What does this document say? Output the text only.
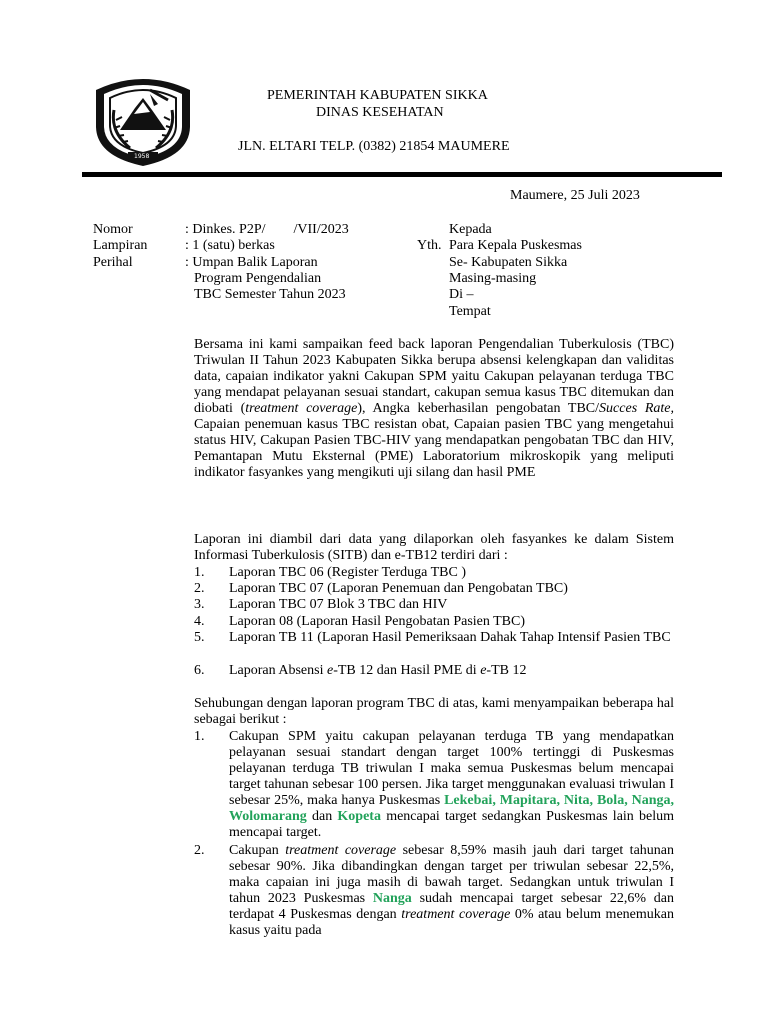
1958
PEMERINTAH KABUPATEN SIKKA
DINAS KESEHATAN
JLN. ELTARI TELP. (0382) 21854 MAUMERE
Maumere, 25 Juli 2023
Nomor	: Dinkes. P2P/        /VII/2023
Lampiran	: 1 (satu) berkas
Perihal	: Umpan Balik Laporan
Program Pengendalian
TBC Semester Tahun 2023
Kepada
Yth. Para Kepala Puskesmas
Se- Kabupaten Sikka
Masing-masing
Di –
Tempat
Bersama ini kami sampaikan feed back laporan Pengendalian Tuberkulosis (TBC) Triwulan II Tahun 2023 Kabupaten Sikka berupa absensi kelengkapan dan validitas data, capaian indikator yakni Cakupan SPM yaitu Cakupan pelayanan terduga TBC yang mendapat pelayanan sesuai standart, cakupan semua kasus TBC ditemukan dan diobati (treatment coverage), Angka keberhasilan pengobatan TBC/Succes Rate, Capaian penemuan kasus TBC resistan obat, Capaian pasien TBC yang mengetahui status HIV, Cakupan Pasien TBC-HIV yang mendapatkan pengobatan TBC dan HIV, Pemantapan Mutu Eksternal (PME) Laboratorium mikroskopik yang meliputi indikator fasyankes yang mengikuti uji silang dan hasil PME
Laporan ini diambil dari data yang dilaporkan oleh fasyankes ke dalam Sistem Informasi Tuberkulosis (SITB) dan e-TB12 terdiri dari :
1. Laporan TBC 06 (Register Terduga TBC )
2. Laporan TBC 07 (Laporan Penemuan dan Pengobatan TBC)
3. Laporan TBC 07 Blok 3 TBC dan HIV
4. Laporan 08 (Laporan Hasil Pengobatan Pasien TBC)
5. Laporan TB 11 (Laporan Hasil Pemeriksaan Dahak Tahap Intensif Pasien TBC
6. Laporan Absensi e-TB 12 dan Hasil PME di e-TB 12
Sehubungan dengan laporan program TBC di atas, kami menyampaikan beberapa hal sebagai berikut :
1. Cakupan SPM yaitu cakupan pelayanan terduga TB yang mendapatkan pelayanan sesuai standart dengan target 100% tertinggi di Puskesmas pelayanan terduga TB triwulan I maka semua Puskesmas belum mencapai target tahunan sebesar 100 persen. Jika target menggunakan evaluasi triwulan I sebesar 25%, maka hanya Puskesmas Lekebai, Mapitara, Nita, Bola, Nanga, Wolomarang dan Kopeta mencapai target sedangkan Puskesmas lain belum mencapai target.
2. Cakupan treatment coverage sebesar 8,59% masih jauh dari target tahunan sebesar 90%. Jika dibandingkan dengan target per triwulan sebesar 22,5%, maka capaian ini juga masih di bawah target. Sedangkan untuk triwulan I tahun 2023 Puskesmas Nanga sudah mencapai target sebesar 22,6% dan terdapat 4 Puskesmas dengan treatment coverage 0% atau belum menemukan kasus yaitu pada
